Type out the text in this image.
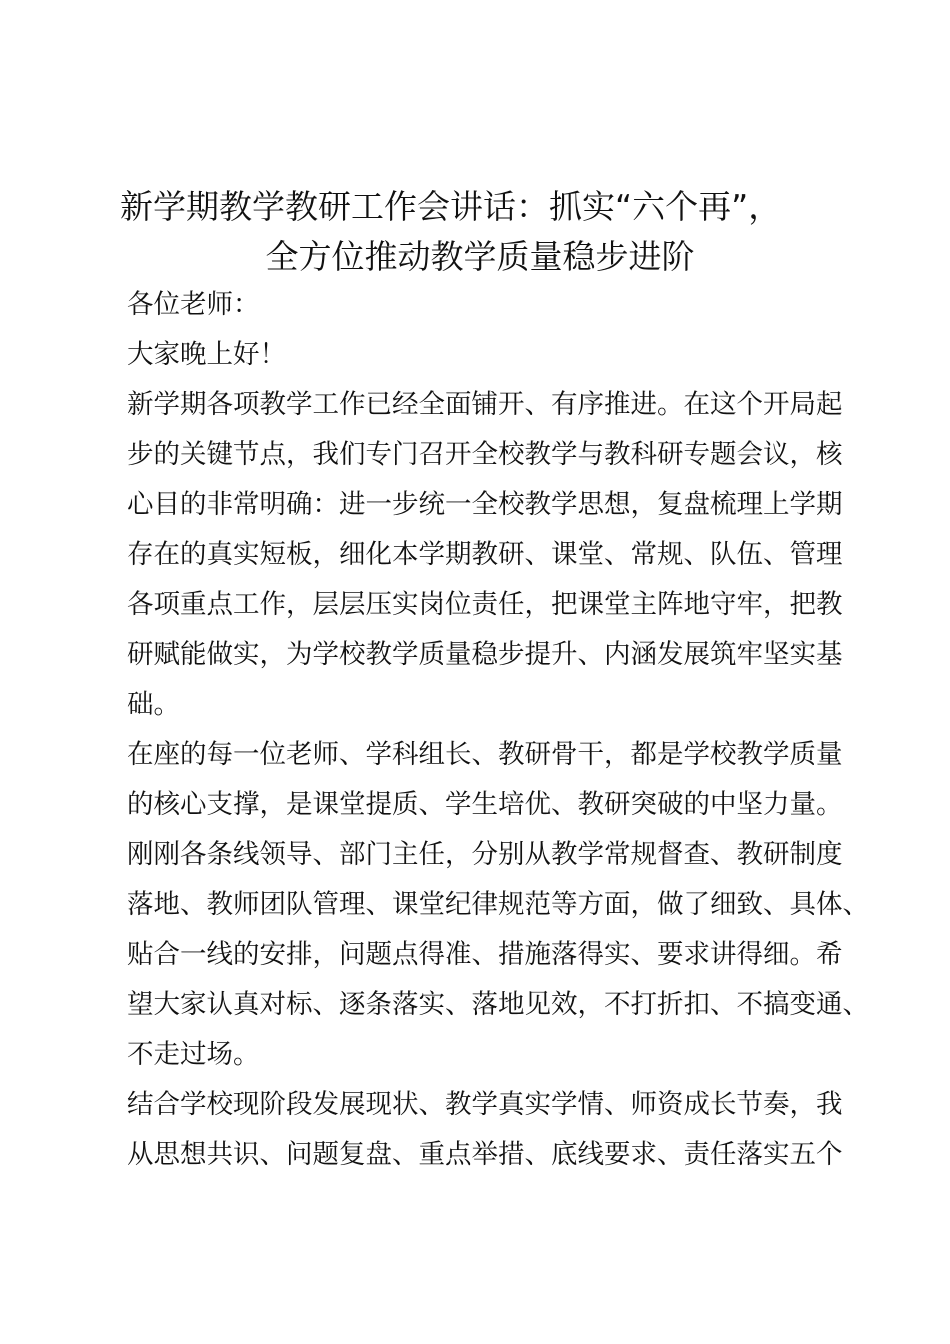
新学期教学教研工作会讲话：抓实“六个再”，
全方位推动教学质量稳步进阶

各位老师：

大家晚上好！

新学期各项教学工作已经全面铺开、有序推进。在这个开局起
步的关键节点，我们专门召开全校教学与教科研专题会议，核
心目的非常明确：进一步统一全校教学思想，复盘梳理上学期
存在的真实短板，细化本学期教研、课堂、常规、队伍、管理
各项重点工作，层层压实岗位责任，把课堂主阵地守牢，把教
研赋能做实，为学校教学质量稳步提升、内涵发展筑牢坚实基
础。
在座的每一位老师、学科组长、教研骨干，都是学校教学质量
的核心支撑，是课堂提质、学生培优、教研突破的中坚力量。
刚刚各条线领导、部门主任，分别从教学常规督查、教研制度
落地、教师团队管理、课堂纪律规范等方面，做了细致、具体、
贴合一线的安排，问题点得准、措施落得实、要求讲得细。希
望大家认真对标、逐条落实、落地见效，不打折扣、不搞变通、
不走过场。
结合学校现阶段发展现状、教学真实学情、师资成长节奏，我
从思想共识、问题复盘、重点举措、底线要求、责任落实五个
